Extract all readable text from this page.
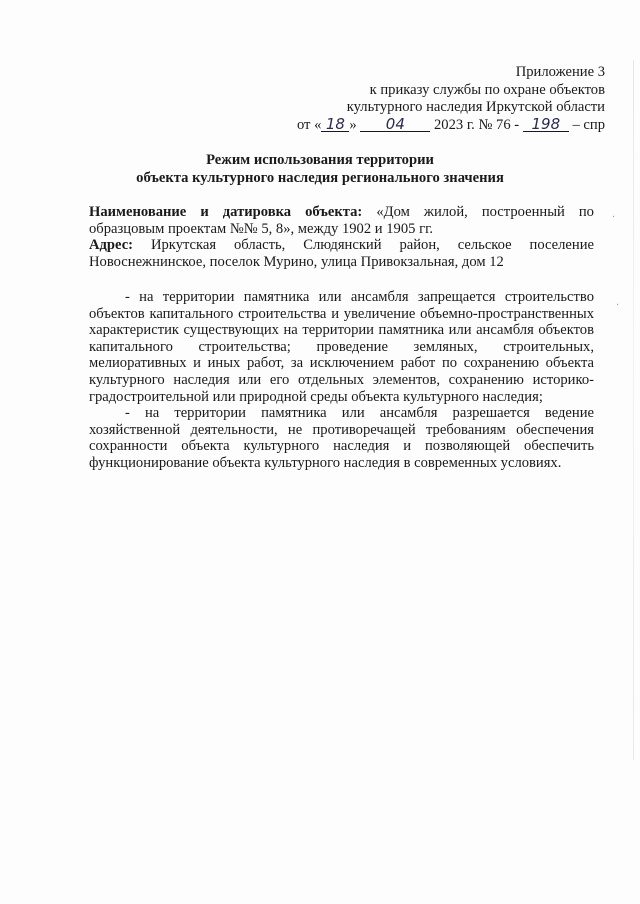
Приложение 3
к приказу службы по охране объектов
культурного наследия Иркутской области
от « 18 » 04 2023 г. № 76 - 198 – спр
Режим использования территории
объекта культурного наследия регионального значения
Наименование и датировка объекта: «Дом жилой, построенный по образцовым проектам №№ 5, 8», между 1902 и 1905 гг.
Адрес: Иркутская область, Слюдянский район, сельское поселение Новоснежнинское, поселок Мурино, улица Привокзальная, дом 12

- на территории памятника или ансамбля запрещается строительство объектов капитального строительства и увеличение объемно-пространственных характеристик существующих на территории памятника или ансамбля объектов капитального строительства; проведение земляных, строительных, мелиоративных и иных работ, за исключением работ по сохранению объекта культурного наследия или его отдельных элементов, сохранению историко-градостроительной или природной среды объекта культурного наследия;

- на территории памятника или ансамбля разрешается ведение хозяйственной деятельности, не противоречащей требованиям обеспечения сохранности объекта культурного наследия и позволяющей обеспечить функционирование объекта культурного наследия в современных условиях.

·
·
